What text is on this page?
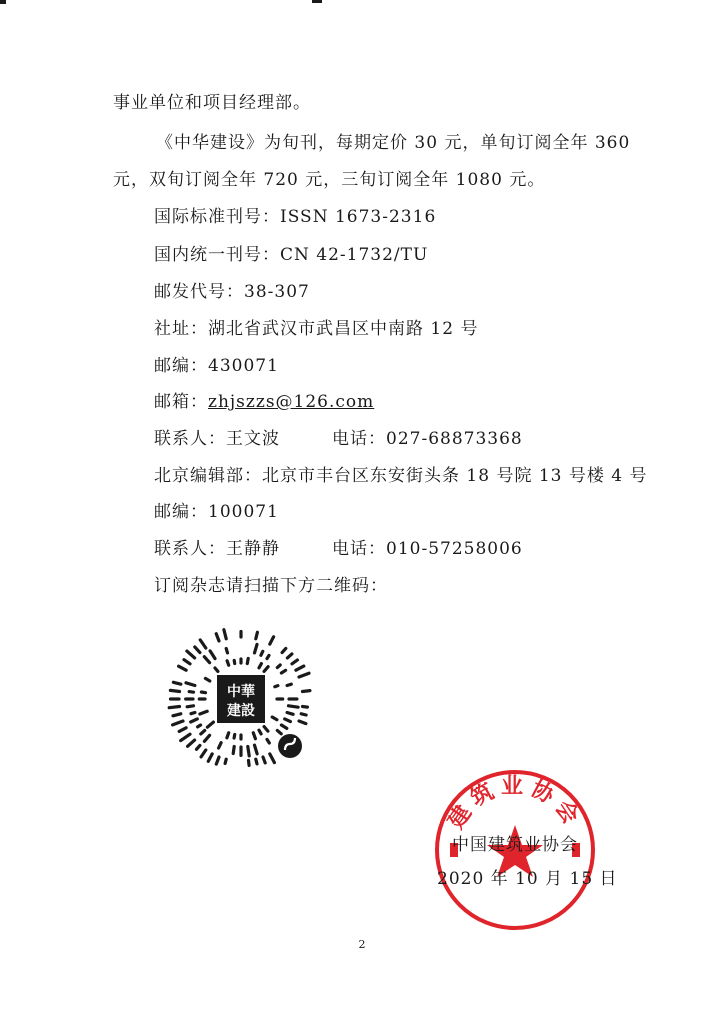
事业单位和项目经理部。
《中华建设》为旬刊，每期定价 30 元，单旬订阅全年 360
元，双旬订阅全年 720 元，三旬订阅全年 1080 元。
国际标准刊号：ISSN 1673-2316
国内统一刊号：CN 42-1732/TU
邮发代号：38-307
社址：湖北省武汉市武昌区中南路 12 号
邮编：430071
邮箱：zhjszzs@126.com
联系人：王文波	电话：027-68873368
北京编辑部：北京市丰台区东安街头条 18 号院 13 号楼 4 号
邮编：100071
联系人：王静静	电话：010-57258006
订阅杂志请扫描下方二维码：
中華
建設
建筑业协会
中国建筑业协会
2020 年 10 月 15 日
2
